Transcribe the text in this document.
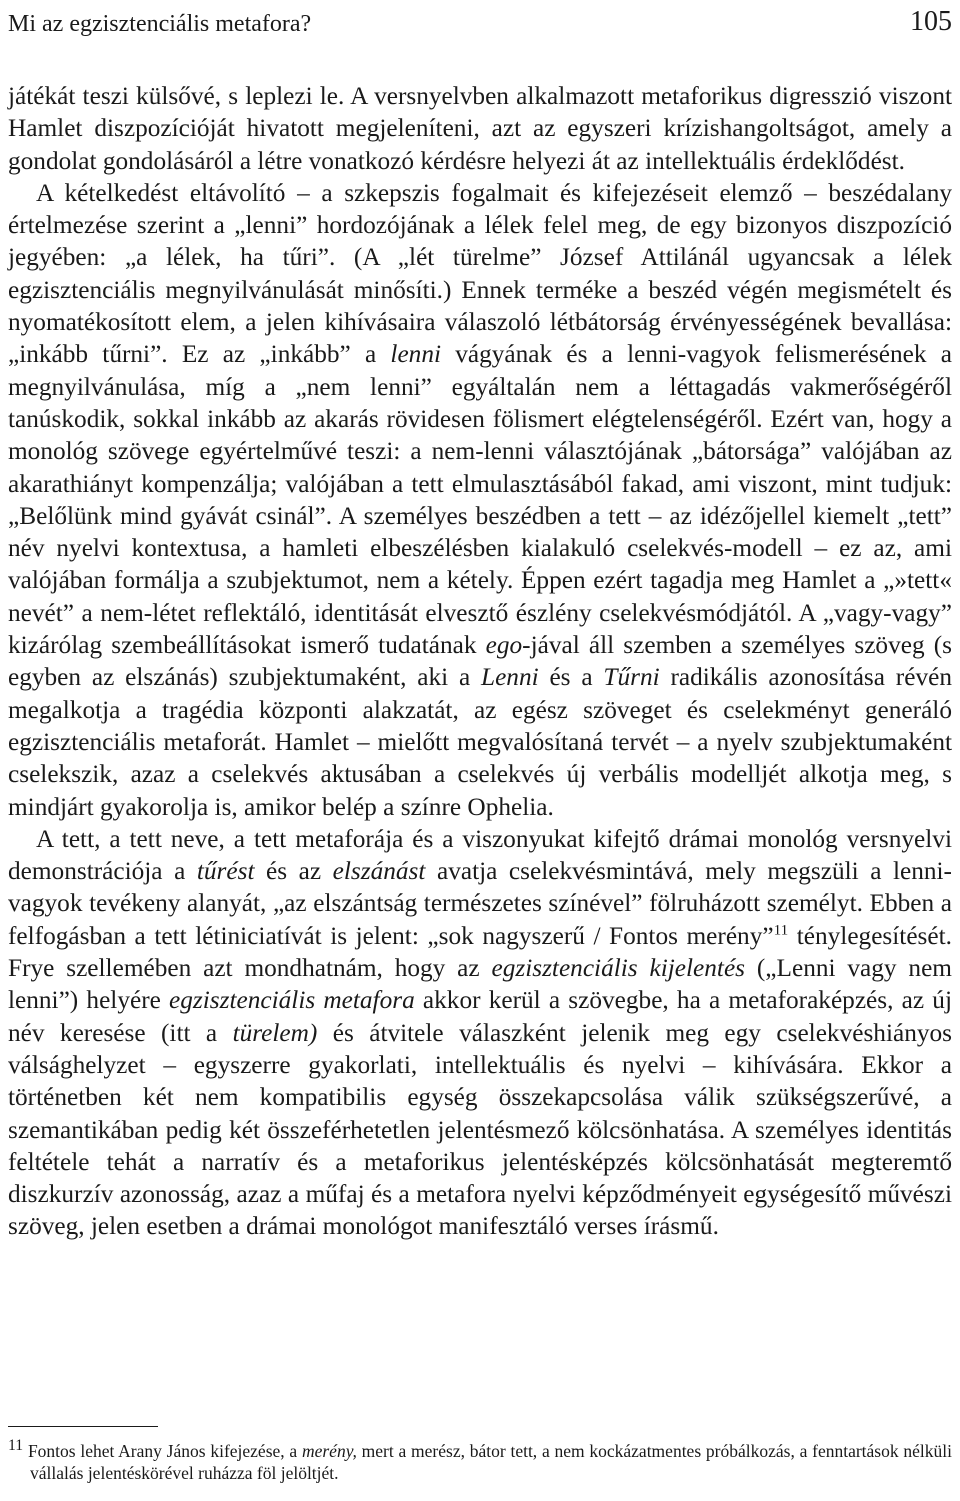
Mi az egzisztenciális metafora?	105

játékát teszi külsővé, s leplezi le. A versnyelvben alkalmazott metaforikus digresszió viszont Hamlet diszpozícióját hivatott megjeleníteni, azt az egyszeri krízishangoltságot, amely a gondolat gondolásáról a létre vonatkozó kérdésre helyezi át az intellektuális érdeklődést.

A kételkedést eltávolító – a szkepszis fogalmait és kifejezéseit elemző – beszédalany értelmezése szerint a „lenni” hordozójának a lélek felel meg, de egy bizonyos diszpozíció jegyében: „a lélek, ha tűri”. (A „lét türelme” József Attilánál ugyancsak a lélek egzisztenciális megnyilvánulását minősíti.) Ennek terméke a beszéd végén megismételt és nyomatékosított elem, a jelen kihívásaira válaszoló létbátorság érvényességének bevallása: „inkább tűrni”. Ez az „inkább” a lenni vágyának és a lenni-vagyok felismerésének a megnyilvánulása, míg a „nem lenni” egyáltalán nem a léttagadás vakmerőségéről tanúskodik, sokkal inkább az akarás rövidesen fölismert elégtelenségéről. Ezért van, hogy a monológ szövege egyértelművé teszi: a nem-lenni választójának „bátorsága” valójában az akarathiányt kompenzálja; valójában a tett elmulasztásából fakad, ami viszont, mint tudjuk: „Belőlünk mind gyávát csinál”. A személyes beszédben a tett – az idézőjellel kiemelt „tett” név nyelvi kontextusa, a hamleti elbeszélésben kialakuló cselekvés-modell – ez az, ami valójában formálja a szubjektumot, nem a kétely. Éppen ezért tagadja meg Hamlet a „»tett« nevét” a nem-létet reflektáló, identitását elvesztő észlény cselekvésmódjától. A „vagy-vagy” kizárólag szembeállításokat ismerő tudatának ego-jával áll szemben a személyes szöveg (s egyben az elszánás) szubjektumaként, aki a Lenni és a Tűrni radikális azonosítása révén megalkotja a tragédia központi alakzatát, az egész szöveget és cselekményt generáló egzisztenciális metaforát. Hamlet – mielőtt megvalósítaná tervét – a nyelv szubjektumaként cselekszik, azaz a cselekvés aktusában a cselekvés új verbális modelljét alkotja meg, s mindjárt gyakorolja is, amikor belép a színre Ophelia.

A tett, a tett neve, a tett metaforája és a viszonyukat kifejtő drámai monológ versnyelvi demonstrációja a tűrést és az elszánást avatja cselekvésmintává, mely megszüli a lenni-vagyok tevékeny alanyát, „az elszántság természetes színével” fölruházott személyt. Ebben a felfogásban a tett létiniciatívát is jelent: „sok nagyszerű / Fontos merény”$^{11}$ ténylegesítését. Frye szellemében azt mondhatnám, hogy az egzisztenciális kijelentés („Lenni vagy nem lenni”) helyére egzisztenciális metafora akkor kerül a szövegbe, ha a metaforaképzés, az új név keresése (itt a türelem) és átvitele válaszként jelenik meg egy cselekvéshiányos válsághelyzet – egyszerre gyakorlati, intellektuális és nyelvi – kihívására. Ekkor a történetben két nem kompatibilis egység összekapcsolása válik szükségszerűvé, a szemantikában pedig két összeférhetetlen jelentésmező kölcsönhatása. A személyes identitás feltétele tehát a narratív és a metaforikus jelentésképzés kölcsönhatását megteremtő diszkurzív azonosság, azaz a műfaj és a metafora nyelvi képződményeit egységesítő művészi szöveg, jelen esetben a drámai monológot manifesztáló verses írásmű.

$^{11}$ Fontos lehet Arany János kifejezése, a merény, mert a merész, bátor tett, a nem kockázatmentes próbálkozás, a fenntartások nélküli vállalás jelentéskörével ruházza föl jelöltjét.
